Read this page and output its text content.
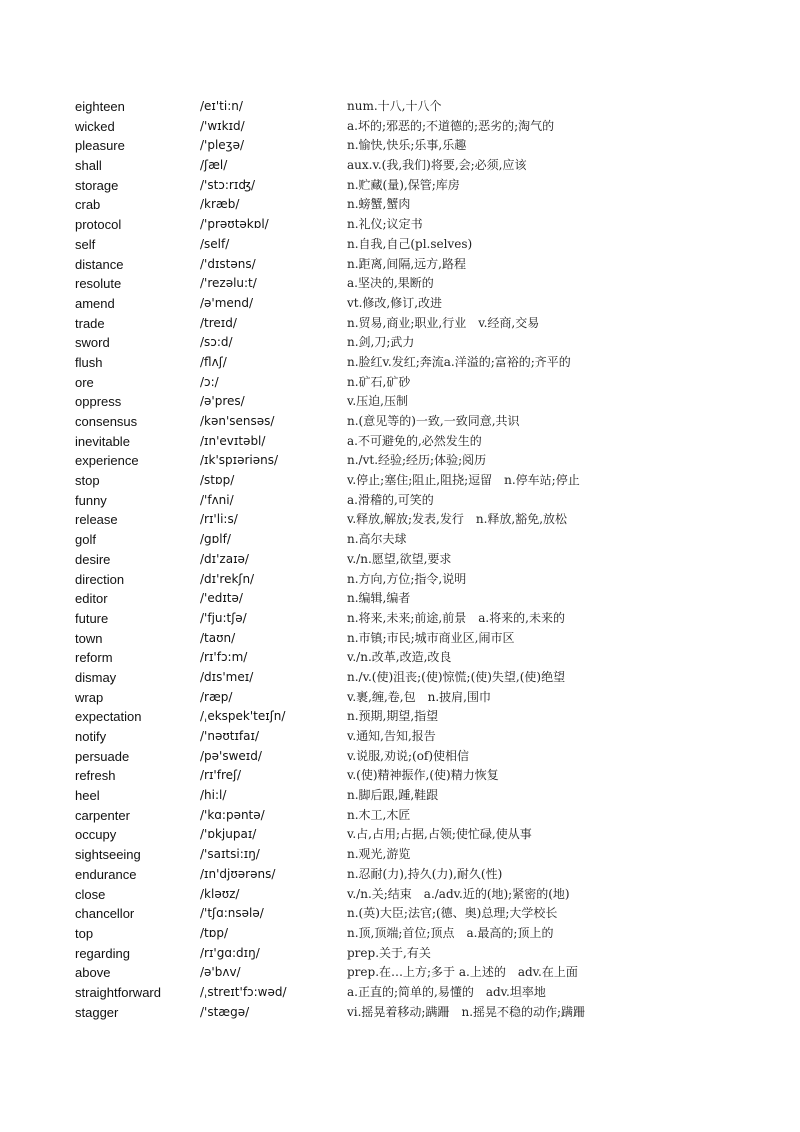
eighteen	/eɪ'ti:n/	num.十八,十八个
wicked	/'wɪkɪd/	a.坏的;邪恶的;不道德的;恶劣的;淘气的
pleasure	/'pleʒə/	n.愉快,快乐;乐事,乐趣
shall	/ʃæl/	aux.v.(我,我们)将要,会;必须,应该
storage	/'stɔ:rɪʤ/	n.贮藏(量),保管;库房
crab	/kræb/	n.螃蟹,蟹肉
protocol	/'prəʊtəkɒl/	n.礼仪;议定书
self	/self/	n.自我,自己(pl.selves)
distance	/'dɪstəns/	n.距离,间隔,远方,路程
resolute	/'rezəlu:t/	a.坚决的,果断的
amend	/ə'mend/	vt.修改,修订,改进
trade	/treɪd/	n.贸易,商业;职业,行业　v.经商,交易
sword	/sɔ:d/	n.剑,刀;武力
flush	/flʌʃ/	n.脸红v.发红;奔流a.洋溢的;富裕的;齐平的
ore	/ɔ:/	n.矿石,矿砂
oppress	/ə'pres/	v.压迫,压制
consensus	/kən'sensəs/	n.(意见等的)一致,一致同意,共识
inevitable	/ɪn'evɪtəbl/	a.不可避免的,必然发生的
experience	/ɪk'spɪəriəns/	n./vt.经验;经历;体验;阅历
stop	/stɒp/	v.停止;塞住;阻止,阻挠;逗留　n.停车站;停止
funny	/'fʌni/	a.滑稽的,可笑的
release	/rɪ'li:s/	v.释放,解放;发表,发行　n.释放,豁免,放松
golf	/gɒlf/	n.高尔夫球
desire	/dɪ'zaɪə/	v./n.愿望,欲望,要求
direction	/dɪ'rekʃn/	n.方向,方位;指令,说明
editor	/'edɪtə/	n.编辑,编者
future	/'fju:tʃə/	n.将来,未来;前途,前景　a.将来的,未来的
town	/taʊn/	n.市镇;市民;城市商业区,闹市区
reform	/rɪ'fɔ:m/	v./n.改革,改造,改良
dismay	/dɪs'meɪ/	n./v.(使)沮丧;(使)惊慌;(使)失望,(使)绝望
wrap	/ræp/	v.裹,缠,卷,包　n.披肩,围巾
expectation	/ˌekspek'teɪʃn/	n.预期,期望,指望
notify	/'nəʊtɪfaɪ/	v.通知,告知,报告
persuade	/pə'sweɪd/	v.说服,劝说;(of)使相信
refresh	/rɪ'freʃ/	v.(使)精神振作,(使)精力恢复
heel	/hi:l/	n.脚后跟,踵,鞋跟
carpenter	/'kɑ:pəntə/	n.木工,木匠
occupy	/'ɒkjupaɪ/	v.占,占用;占据,占领;使忙碌,使从事
sightseeing	/'saɪtsi:ɪŋ/	n.观光,游览
endurance	/ɪn'djʊərəns/	n.忍耐(力),持久(力),耐久(性)
close	/kləʊz/	v./n.关;结束　a./adv.近的(地);紧密的(地)
chancellor	/'tʃɑ:nsələ/	n.(英)大臣;法官;(德、奥)总理;大学校长
top	/tɒp/	n.顶,顶端;首位;顶点　a.最高的;顶上的
regarding	/rɪ'gɑ:dɪŋ/	prep.关于,有关
above	/ə'bʌv/	prep.在…上方;多于 a.上述的　adv.在上面
straightforward	/ˌstreɪt'fɔ:wəd/	a.正直的;简单的,易懂的　adv.坦率地
stagger	/'stægə/	vi.摇晃着移动;蹒跚　n.摇晃不稳的动作;蹒跚
